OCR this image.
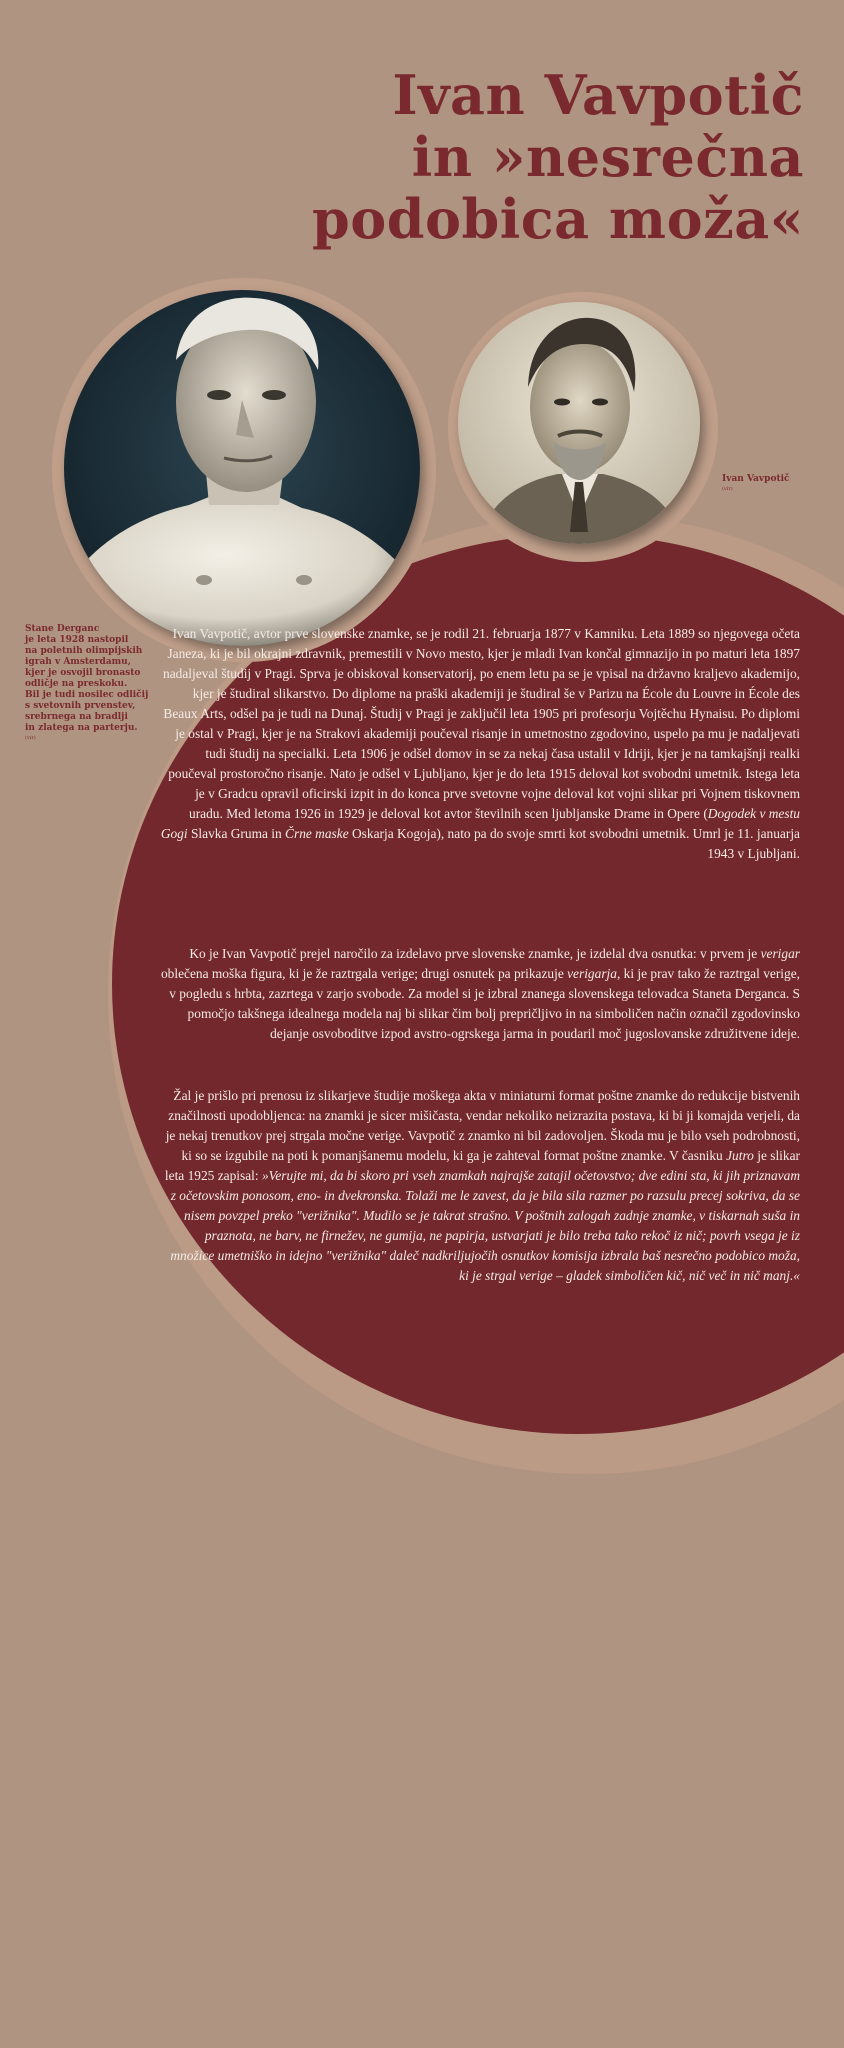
Ivan Vavpotič
in »nesrečna
podobica moža«

Stane Derganc
je leta 1928 nastopil
na poletnih olimpijskih
igrah v Amsterdamu,
kjer je osvojil bronasto
odličje na preskoku.
Bil je tudi nosilec odličij
s svetovnih prvenstev,
srebrnega na bradlji
in zlatega na parterju.
(vir)

Ivan Vavpotič
(vir)

Ivan Vavpotič, avtor prve slovenske znamke, se je rodil 21. februarja 1877 v Kamniku. Leta 1889 so njegovega očeta Janeza, ki je bil okrajni zdravnik, premestili v Novo mesto, kjer je mladi Ivan končal gimnazijo in po maturi leta 1897 nadaljeval študij v Pragi. Sprva je obiskoval konservatorij, po enem letu pa se je vpisal na državno kraljevo akademijo, kjer je študiral slikarstvo. Do diplome na praški akademiji je študiral še v Parizu na École du Louvre in École des Beaux Arts, odšel pa je tudi na Dunaj. Študij v Pragi je zaključil leta 1905 pri profesorju Vojtěchu Hynaisu. Po diplomi je ostal v Pragi, kjer je na Strakovi akademiji poučeval risanje in umetnostno zgodovino, uspelo pa mu je nadaljevati tudi študij na specialki. Leta 1906 je odšel domov in se za nekaj časa ustalil v Idriji, kjer je na tamkajšnji realki poučeval prostoročno risanje. Nato je odšel v Ljubljano, kjer je do leta 1915 deloval kot svobodni umetnik. Istega leta je v Gradcu opravil oficirski izpit in do konca prve svetovne vojne deloval kot vojni slikar pri Vojnem tiskovnem uradu. Med letoma 1926 in 1929 je deloval kot avtor številnih scen ljubljanske Drame in Opere (Dogodek v mestu Gogi Slavka Gruma in Črne maske Oskarja Kogoja), nato pa do svoje smrti kot svobodni umetnik. Umrl je 11. januarja 1943 v Ljubljani.

Ko je Ivan Vavpotič prejel naročilo za izdelavo prve slovenske znamke, je izdelal dva osnutka: v prvem je verigar oblečena moška figura, ki je že raztrgala verige; drugi osnutek pa prikazuje verigarja, ki je prav tako že raztrgal verige, v pogledu s hrbta, zazrtega v zarjo svobode. Za model si je izbral znanega slovenskega telovadca Staneta Derganca. S pomočjo takšnega idealnega modela naj bi slikar čim bolj prepričljivo in na simboličen način označil zgodovinsko dejanje osvoboditve izpod avstro-ogrskega jarma in poudaril moč jugoslovanske združitvene ideje.

Žal je prišlo pri prenosu iz slikarjeve študije moškega akta v miniaturni format poštne znamke do redukcije bistvenih značilnosti upodobljenca: na znamki je sicer mišičasta, vendar nekoliko neizrazita postava, ki bi ji komajda verjeli, da je nekaj trenutkov prej strgala močne verige. Vavpotič z znamko ni bil zadovoljen. Škoda mu je bilo vseh podrobnosti, ki so se izgubile na poti k pomanjšanemu modelu, ki ga je zahteval format poštne znamke. V časniku Jutro je slikar leta 1925 zapisal: »Verujte mi, da bi skoro pri vseh znamkah najrajše zatajil očetovstvo; dve edini sta, ki jih priznavam z očetovskim ponosom, eno- in dvekronska. Tolaži me le zavest, da je bila sila razmer po razsulu precej sokriva, da se nisem povzpel preko "verižnika". Mudilo se je takrat strašno. V poštnih zalogah zadnje znamke, v tiskarnah suša in praznota, ne barv, ne firnežev, ne gumija, ne papirja, ustvarjati je bilo treba tako rekoč iz nič; povrh vsega je iz množice umetniško in idejno "verižnika" daleč nadkriljujočih osnutkov komisija izbrala baš nesrečno podobico moža, ki je strgal verige – gladek simboličen kič, nič več in nič manj.«
